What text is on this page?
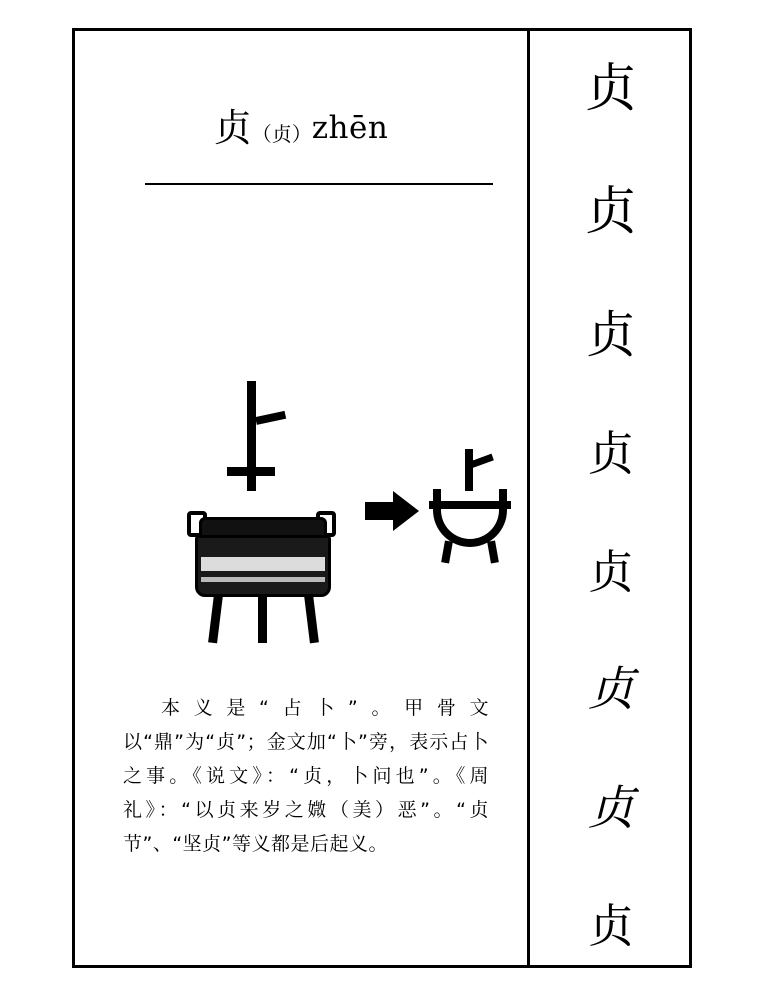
贞（贞）zhēn
本义是“占卜”。甲骨文以“鼎”为“贞”；金文加“卜”旁，表示占卜之事。《说文》：“贞，卜问也”。《周礼》：“以贞来岁之媺（美）恶”。“贞节”、“坚贞”等义都是后起义。
贞
贞
贞
贞
贞
贞
贞
贞
